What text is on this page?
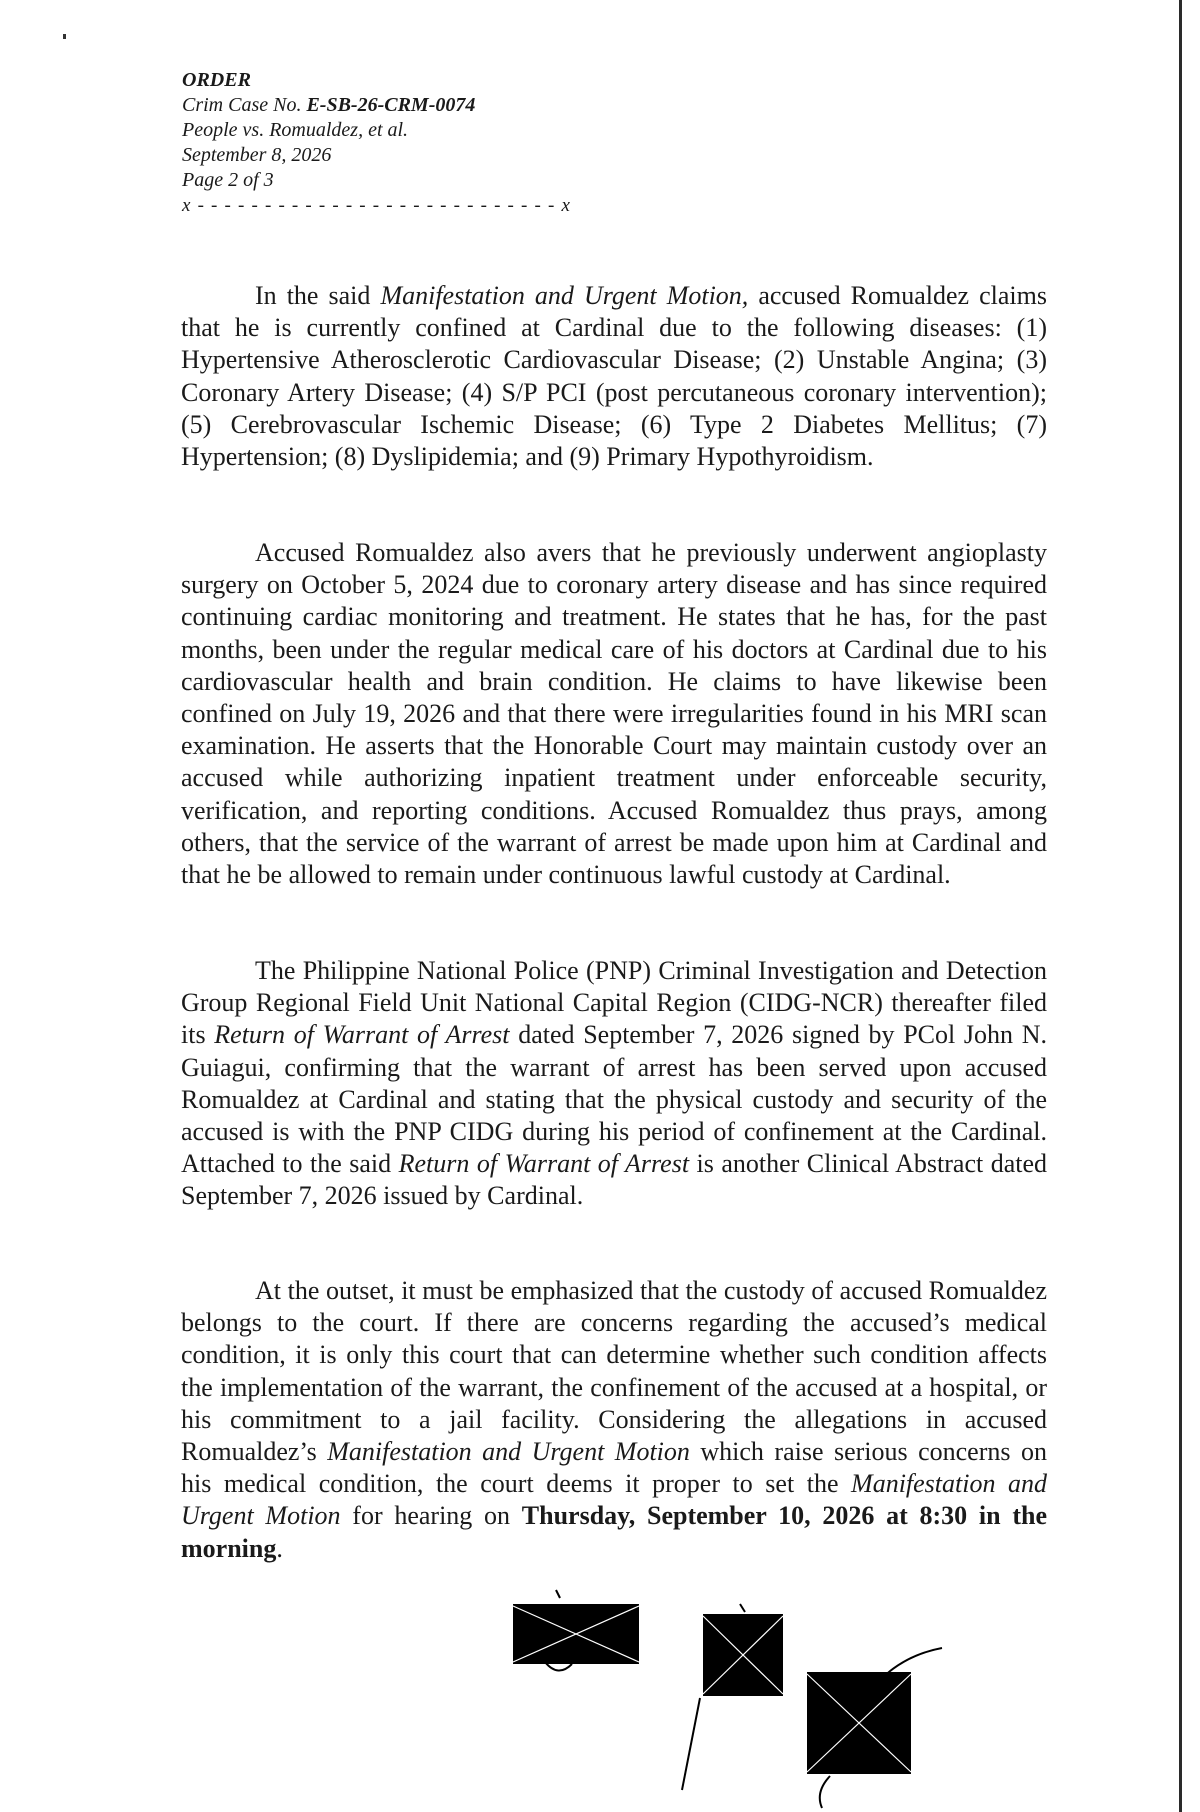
ORDER
Crim Case No. E-SB-26-CRM-0074
People vs. Romualdez, et al.
September 8, 2026
Page 2 of 3
x - - - - - - - - - - - - - - - - - - - - - - - - - - - x

In the said Manifestation and Urgent Motion, accused Romualdez claims that he is currently confined at Cardinal due to the following diseases: (1) Hypertensive Atherosclerotic Cardiovascular Disease; (2) Unstable Angina; (3) Coronary Artery Disease; (4) S/P PCI (post percutaneous coronary intervention); (5) Cerebrovascular Ischemic Disease; (6) Type 2 Diabetes Mellitus; (7) Hypertension; (8) Dyslipidemia; and (9) Primary Hypothyroidism.

Accused Romualdez also avers that he previously underwent angioplasty surgery on October 5, 2024 due to coronary artery disease and has since required continuing cardiac monitoring and treatment. He states that he has, for the past months, been under the regular medical care of his doctors at Cardinal due to his cardiovascular health and brain condition. He claims to have likewise been confined on July 19, 2026 and that there were irregularities found in his MRI scan examination. He asserts that the Honorable Court may maintain custody over an accused while authorizing inpatient treatment under enforceable security, verification, and reporting conditions. Accused Romualdez thus prays, among others, that the service of the warrant of arrest be made upon him at Cardinal and that he be allowed to remain under continuous lawful custody at Cardinal.

The Philippine National Police (PNP) Criminal Investigation and Detection Group Regional Field Unit National Capital Region (CIDG-NCR) thereafter filed its Return of Warrant of Arrest dated September 7, 2026 signed by PCol John N. Guiagui, confirming that the warrant of arrest has been served upon accused Romualdez at Cardinal and stating that the physical custody and security of the accused is with the PNP CIDG during his period of confinement at the Cardinal. Attached to the said Return of Warrant of Arrest is another Clinical Abstract dated September 7, 2026 issued by Cardinal.

At the outset, it must be emphasized that the custody of accused Romualdez belongs to the court. If there are concerns regarding the accused’s medical condition, it is only this court that can determine whether such condition affects the implementation of the warrant, the confinement of the accused at a hospital, or his commitment to a jail facility. Considering the allegations in accused Romualdez’s Manifestation and Urgent Motion which raise serious concerns on his medical condition, the court deems it proper to set the Manifestation and Urgent Motion for hearing on Thursday, September 10, 2026 at 8:30 in the morning.
